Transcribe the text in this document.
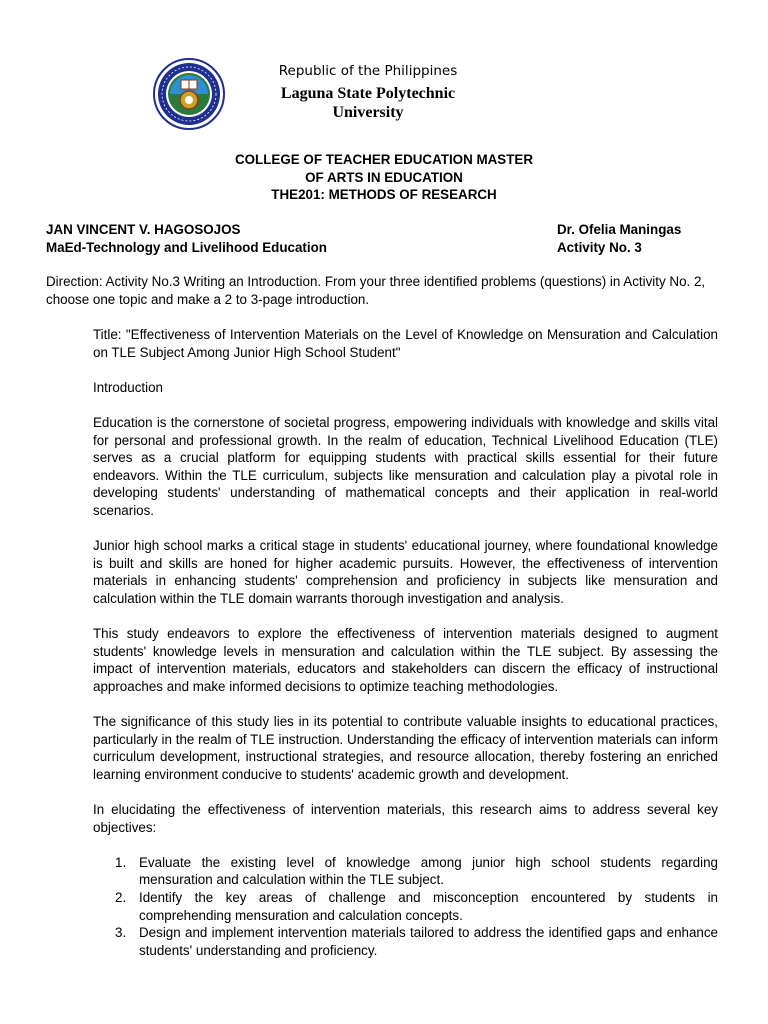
Republic of the Philippines
Laguna State Polytechnic
University
COLLEGE OF TEACHER EDUCATION MASTER
OF ARTS IN EDUCATION
THE201: METHODS OF RESEARCH
JAN VINCENT V. HAGOSOJOS
MaEd-Technology and Livelihood Education
Dr. Ofelia Maningas
Activity No. 3
Direction: Activity No.3 Writing an Introduction. From your three identified problems (questions) in Activity No. 2, choose one topic and make a 2 to 3-page introduction.

Title: "Effectiveness of Intervention Materials on the Level of Knowledge on Mensuration and Calculation on TLE Subject Among Junior High School Student"

Introduction

Education is the cornerstone of societal progress, empowering individuals with knowledge and skills vital for personal and professional growth. In the realm of education, Technical Livelihood Education (TLE) serves as a crucial platform for equipping students with practical skills essential for their future endeavors. Within the TLE curriculum, subjects like mensuration and calculation play a pivotal role in developing students' understanding of mathematical concepts and their application in real-world scenarios.

Junior high school marks a critical stage in students' educational journey, where foundational knowledge is built and skills are honed for higher academic pursuits. However, the effectiveness of intervention materials in enhancing students' comprehension and proficiency in subjects like mensuration and calculation within the TLE domain warrants thorough investigation and analysis.

This study endeavors to explore the effectiveness of intervention materials designed to augment students' knowledge levels in mensuration and calculation within the TLE subject. By assessing the impact of intervention materials, educators and stakeholders can discern the efficacy of instructional approaches and make informed decisions to optimize teaching methodologies.

The significance of this study lies in its potential to contribute valuable insights to educational practices, particularly in the realm of TLE instruction. Understanding the efficacy of intervention materials can inform curriculum development, instructional strategies, and resource allocation, thereby fostering an enriched learning environment conducive to students' academic growth and development.

In elucidating the effectiveness of intervention materials, this research aims to address several key objectives:

1. Evaluate the existing level of knowledge among junior high school students regarding mensuration and calculation within the TLE subject.
2. Identify the key areas of challenge and misconception encountered by students in comprehending mensuration and calculation concepts.
3. Design and implement intervention materials tailored to address the identified gaps and enhance students' understanding and proficiency.
